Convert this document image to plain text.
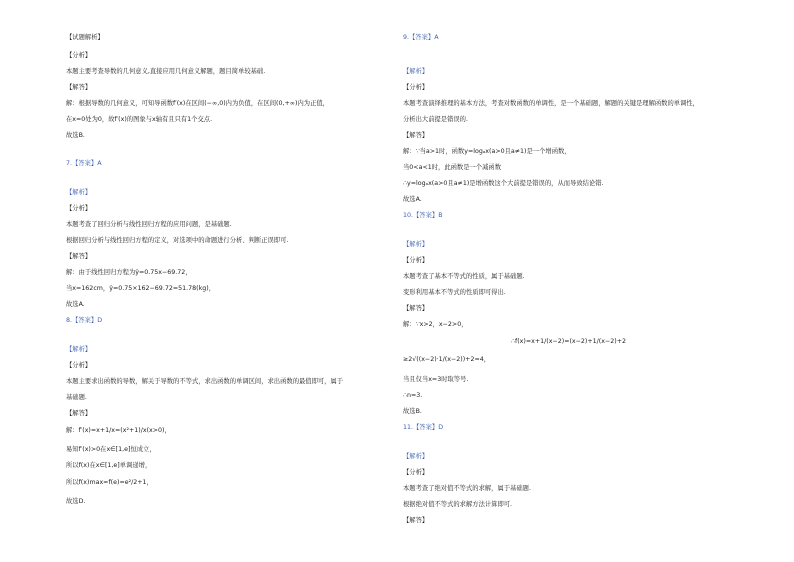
【试题解析】
【分析】
本题主要考查导数的几何意义,直接应用几何意义解题，题目简单较基础.
【解答】
解：根据导数的几何意义，可知导函数f′(x)在区间(−∞,0)内为负值，在区间(0,+∞)内为正值，
在x=0处为0，故f′(x)的图象与x轴有且只有1个交点.
故选B.
7.【答案】A
【解析】
【分析】
本题考查了回归分析与线性回归方程的应用问题，是基础题.
根据回归分析与线性回归方程的定义，对选项中的命题进行分析、判断正误即可.
【解答】
解：由于线性回归方程为ŷ=0.75x−69.72，
当x=162cm，ŷ=0.75×162−69.72=51.78(kg)，
故选A.
8.【答案】D
【解析】
【分析】
本题主要求出函数的导数，解关于导数的不等式，求出函数的单调区间，求出函数的最值即可，属于
基础题.
【解答】
解：f′(x)=x+1/x=(x²+1)/x(x>0)，
易知f′(x)>0在x∈[1,e]恒成立，
所以f(x)在x∈[1,e]单调递增，
所以f(x)max=f(e)=e²/2+1，
故选D.
9.【答案】A
【解析】
【分析】
本题考查演绎推理的基本方法，考查对数函数的单调性，是一个基础题，解题的关键是理解函数的单调性，
分析出大前提是错误的.
【解答】
解：∵当a>1时，函数y=logₐx(a>0且a≠1)是一个增函数，
当0<a<1时，此函数是一个减函数
∴y=logₐx(a>0且a≠1)是增函数这个大前提是错误的，从而导致结论错.
故选A.
10.【答案】B
【解析】
【分析】
本题考查了基本不等式的性质，属于基础题.
变形利用基本不等式的性质即可得出.
【解答】
解：∵x>2，x−2>0，
∴f(x)=x+1/(x−2)=(x−2)+1/(x−2)+2
≥2√((x−2)·1/(x−2))+2=4，
当且仅当x=3时取等号.
∴n=3.
故选B.
11.【答案】D
【解析】
【分析】
本题考查了绝对值不等式的求解，属于基础题.
根据绝对值不等式的求解方法计算即可.
【解答】
